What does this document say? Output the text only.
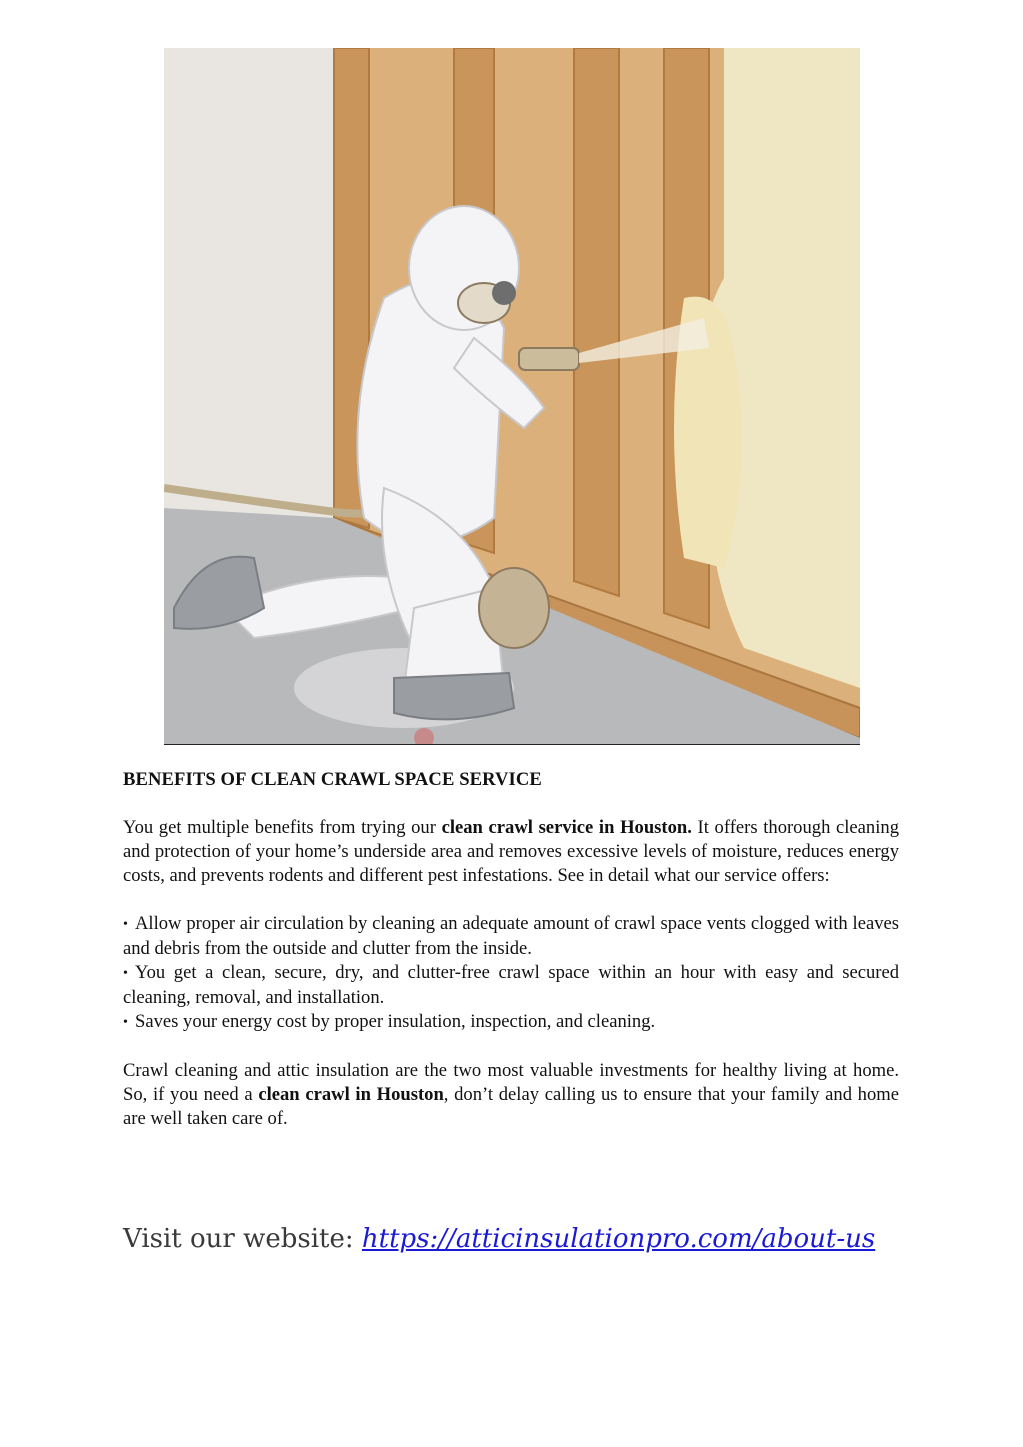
BENEFITS OF CLEAN CRAWL SPACE SERVICE

You get multiple benefits from trying our clean crawl service in Houston. It offers thorough cleaning and protection of your home’s underside area and removes excessive levels of moisture, reduces energy costs, and prevents rodents and different pest infestations. See in detail what our service offers:

• Allow proper air circulation by cleaning an adequate amount of crawl space vents clogged with leaves and debris from the outside and clutter from the inside.
• You get a clean, secure, dry, and clutter-free crawl space within an hour with easy and secured cleaning, removal, and installation.
• Saves your energy cost by proper insulation, inspection, and cleaning.

Crawl cleaning and attic insulation are the two most valuable investments for healthy living at home. So, if you need a clean crawl in Houston, don’t delay calling us to ensure that your family and home are well taken care of.

Visit our website: https://atticinsulationpro.com/about-us
